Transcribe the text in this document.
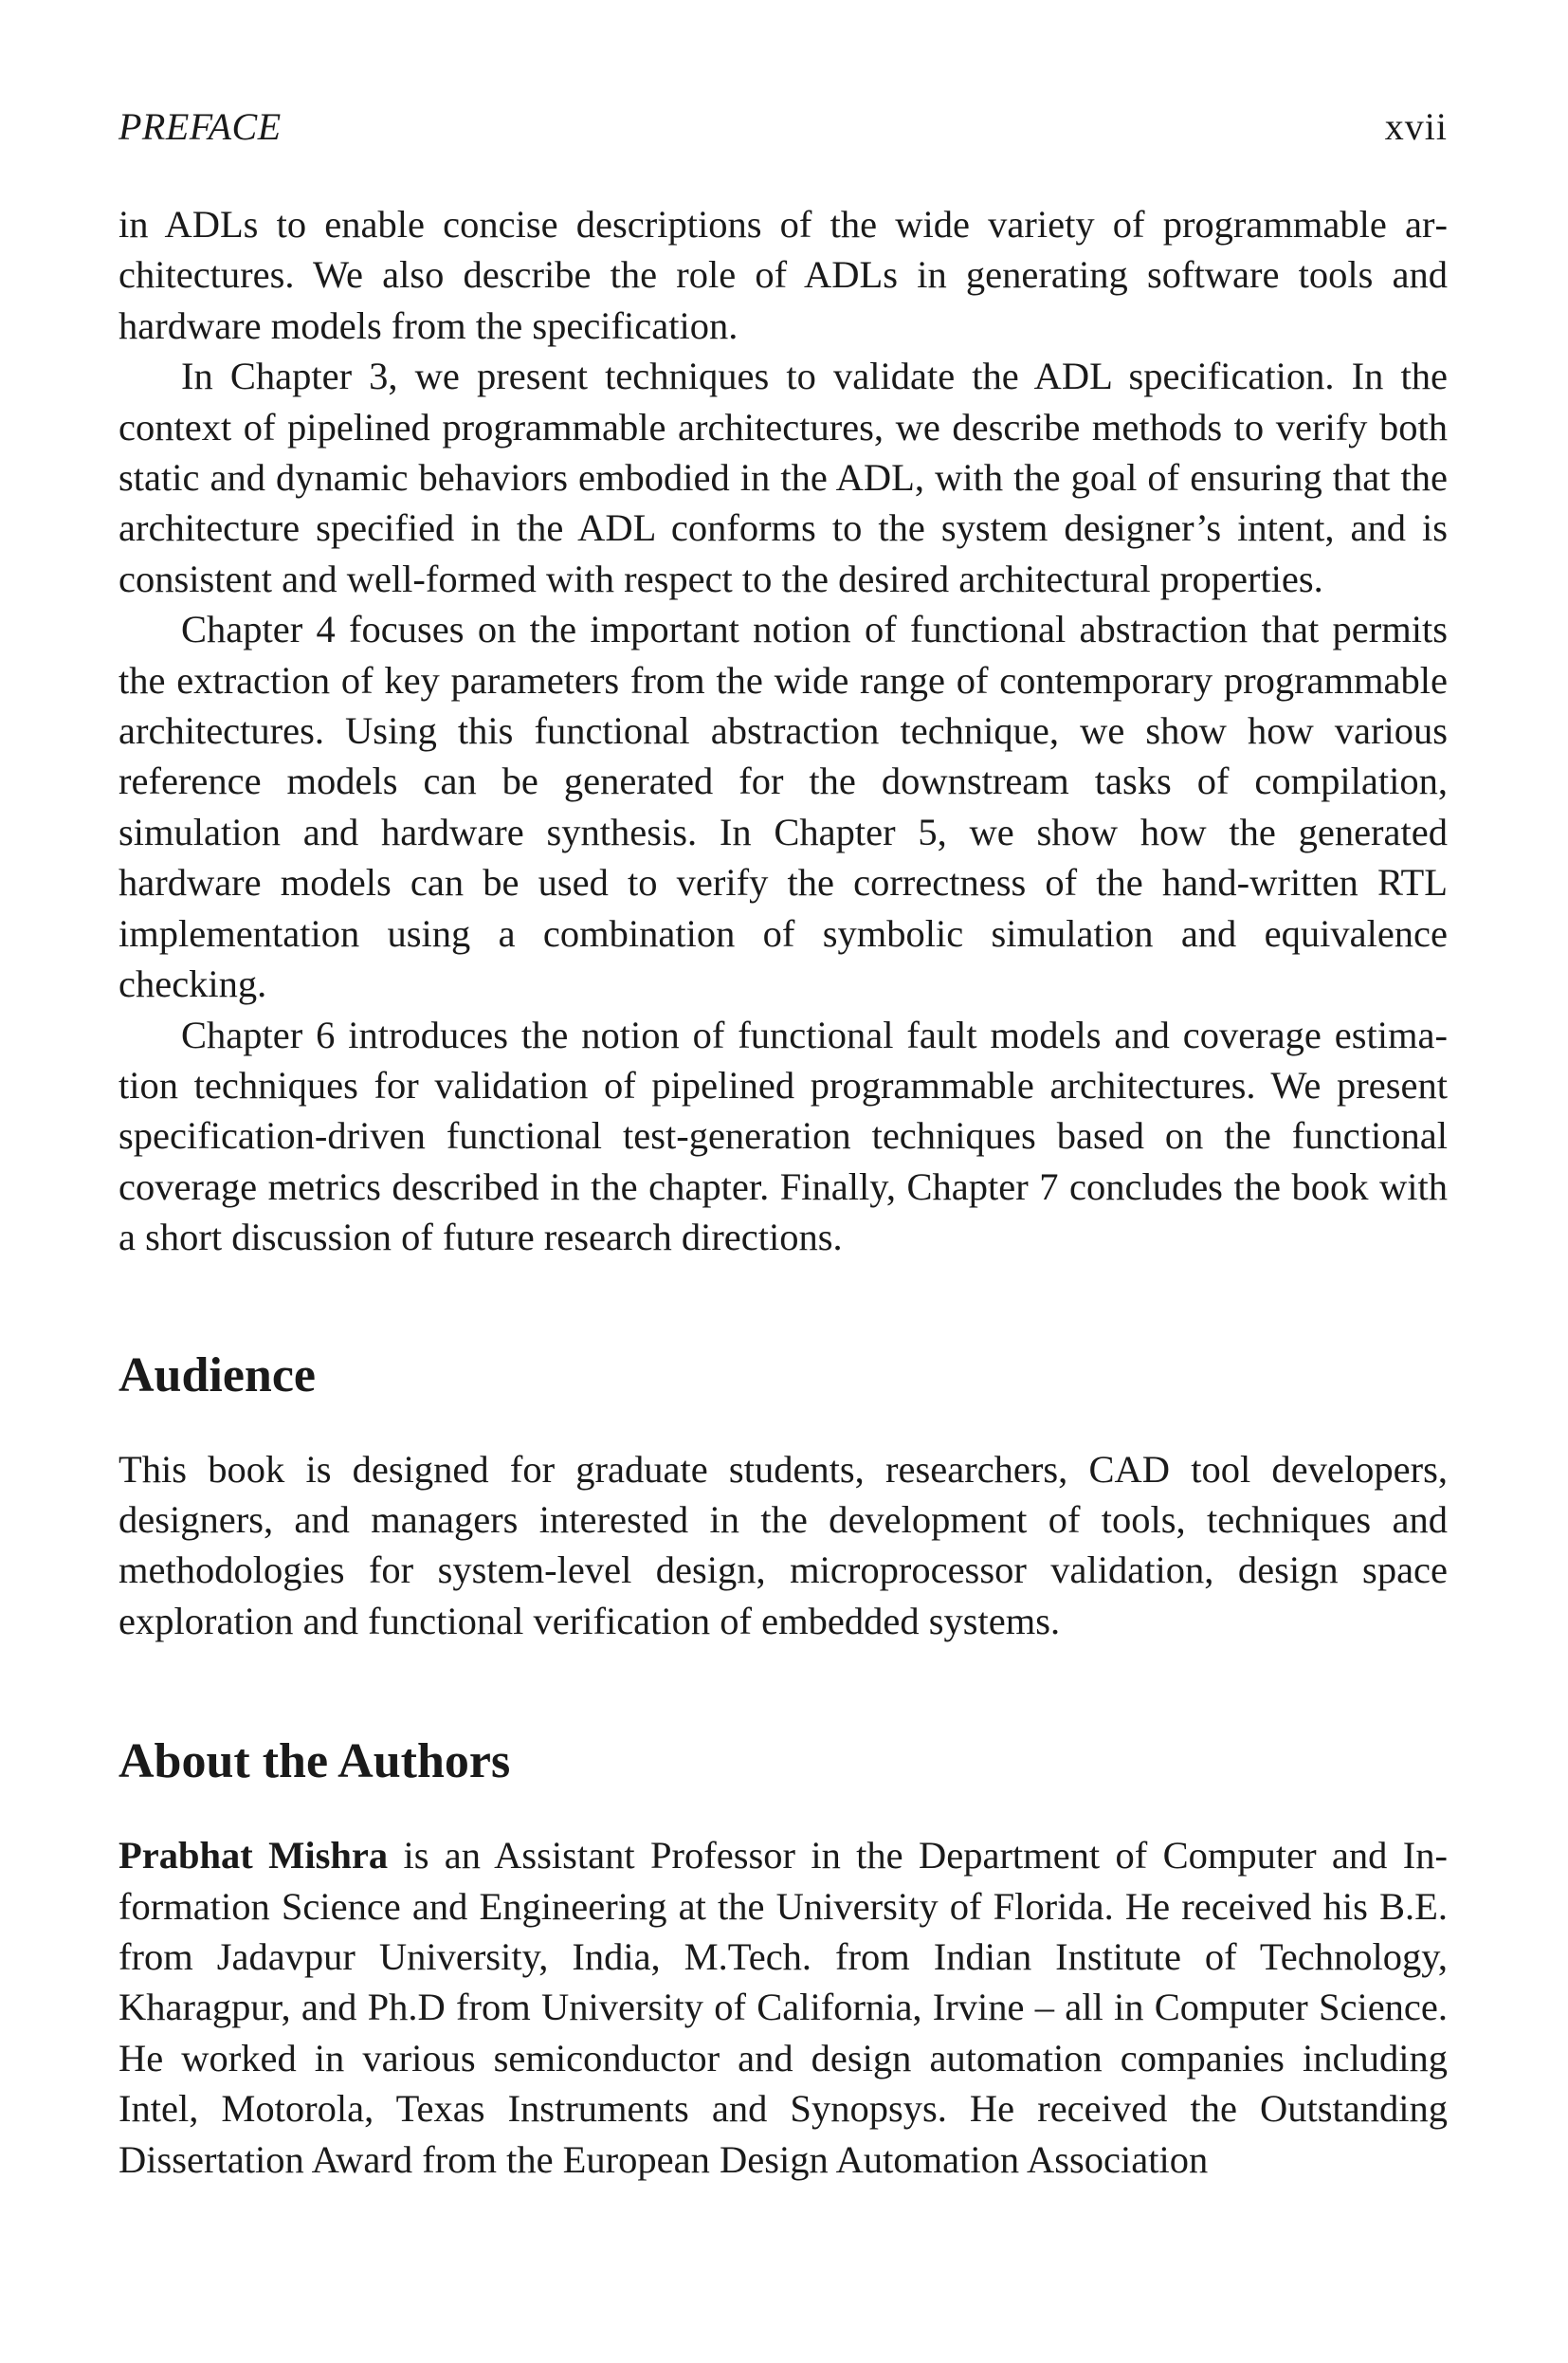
PREFACE	xvii

in ADLs to enable concise descriptions of the wide variety of programmable architectures. We also describe the role of ADLs in generating software tools and hardware models from the specification.

In Chapter 3, we present techniques to validate the ADL specification. In the context of pipelined programmable architectures, we describe methods to verify both static and dynamic behaviors embodied in the ADL, with the goal of ensuring that the architecture specified in the ADL conforms to the system designer’s intent, and is consistent and well-formed with respect to the desired architectural properties.

Chapter 4 focuses on the important notion of functional abstraction that permits the extraction of key parameters from the wide range of contemporary programmable architectures. Using this functional abstraction technique, we show how various reference models can be generated for the downstream tasks of compilation, simulation and hardware synthesis. In Chapter 5, we show how the generated hardware models can be used to verify the correctness of the hand-written RTL implementation using a combination of symbolic simulation and equivalence checking.

Chapter 6 introduces the notion of functional fault models and coverage estimation techniques for validation of pipelined programmable architectures. We present specification-driven functional test-generation techniques based on the functional coverage metrics described in the chapter. Finally, Chapter 7 concludes the book with a short discussion of future research directions.

Audience

This book is designed for graduate students, researchers, CAD tool developers, designers, and managers interested in the development of tools, techniques and methodologies for system-level design, microprocessor validation, design space exploration and functional verification of embedded systems.

About the Authors

Prabhat Mishra is an Assistant Professor in the Department of Computer and Information Science and Engineering at the University of Florida. He received his B.E. from Jadavpur University, India, M.Tech. from Indian Institute of Technology, Kharagpur, and Ph.D from University of California, Irvine – all in Computer Science. He worked in various semiconductor and design automation companies including Intel, Motorola, Texas Instruments and Synopsys. He received the Outstanding Dissertation Award from the European Design Automation Association
